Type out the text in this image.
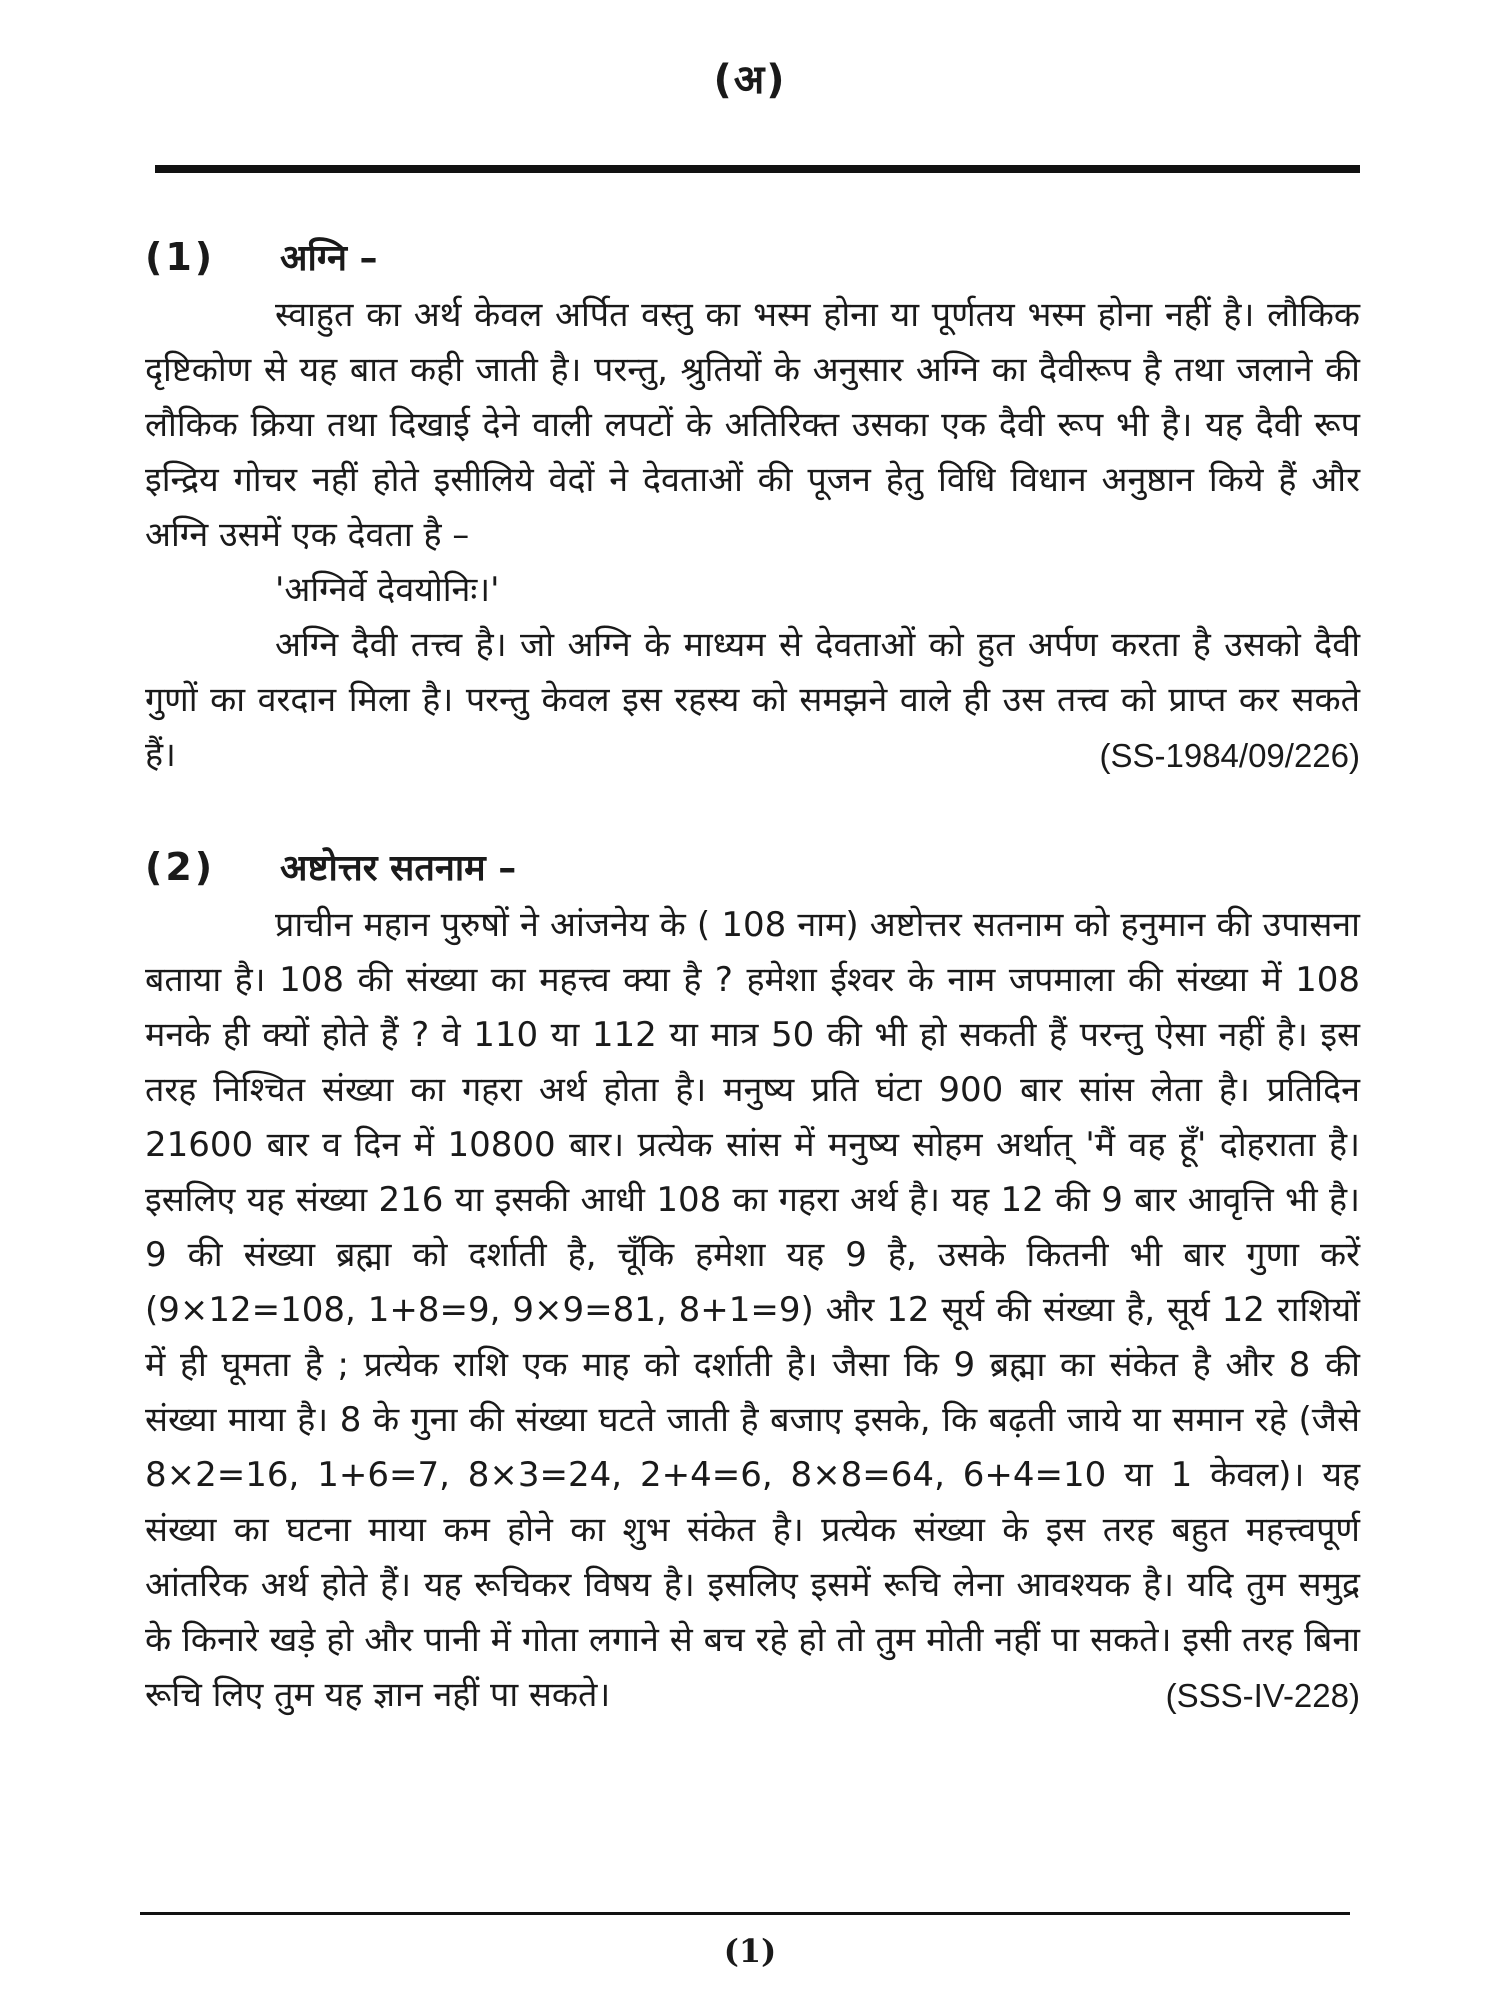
(अ)
(1)	अग्नि –

स्वाहुत का अर्थ केवल अर्पित वस्तु का भस्म होना या पूर्णतय भस्म होना नहीं है। लौकिक दृष्टिकोण से यह बात कही जाती है। परन्तु, श्रुतियों के अनुसार अग्नि का दैवीरूप है तथा जलाने की लौकिक क्रिया तथा दिखाई देने वाली लपटों के अतिरिक्त उसका एक दैवी रूप भी है। यह दैवी रूप इन्द्रिय गोचर नहीं होते इसीलिये वेदों ने देवताओं की पूजन हेतु विधि विधान अनुष्ठान किये हैं और अग्नि उसमें एक देवता है –

'अग्निर्वे देवयोनिः।'

अग्नि दैवी तत्त्व है। जो अग्नि के माध्यम से देवताओं को हुत अर्पण करता है उसको दैवी गुणों का वरदान मिला है। परन्तु केवल इस रहस्य को समझने वाले ही उस तत्त्व को प्राप्त कर सकते हैं।	(SS-1984/09/226)

(2)	अष्टोत्तर सतनाम –

प्राचीन महान पुरुषों ने आंजनेय के ( 108 नाम) अष्टोत्तर सतनाम को हनुमान की उपासना बताया है। 108 की संख्या का महत्त्व क्या है ? हमेशा ईश्वर के नाम जपमाला की संख्या में 108 मनके ही क्यों होते हैं ? वे 110 या 112 या मात्र 50 की भी हो सकती हैं परन्तु ऐसा नहीं है। इस तरह निश्चित संख्या का गहरा अर्थ होता है। मनुष्य प्रति घंटा 900 बार सांस लेता है। प्रतिदिन 21600 बार व दिन में 10800 बार। प्रत्येक सांस में मनुष्य सोहम अर्थात् 'मैं वह हूँ' दोहराता है। इसलिए यह संख्या 216 या इसकी आधी 108 का गहरा अर्थ है। यह 12 की 9 बार आवृत्ति भी है। 9 की संख्या ब्रह्मा को दर्शाती है, चूँकि हमेशा यह 9 है, उसके कितनी भी बार गुणा करें (9×12=108, 1+8=9, 9×9=81, 8+1=9) और 12 सूर्य की संख्या है, सूर्य 12 राशियों में ही घूमता है ; प्रत्येक राशि एक माह को दर्शाती है। जैसा कि 9 ब्रह्मा का संकेत है और 8 की संख्या माया है। 8 के गुना की संख्या घटते जाती है बजाए इसके, कि बढ़ती जाये या समान रहे (जैसे 8×2=16, 1+6=7, 8×3=24, 2+4=6, 8×8=64, 6+4=10 या 1 केवल)। यह संख्या का घटना माया कम होने का शुभ संकेत है। प्रत्येक संख्या के इस तरह बहुत महत्त्वपूर्ण आंतरिक अर्थ होते हैं। यह रूचिकर विषय है। इसलिए इसमें रूचि लेना आवश्यक है। यदि तुम समुद्र के किनारे खड़े हो और पानी में गोता लगाने से बच रहे हो तो तुम मोती नहीं पा सकते। इसी तरह बिना रूचि लिए तुम यह ज्ञान नहीं पा सकते।	(SSS-IV-228)

(1)
